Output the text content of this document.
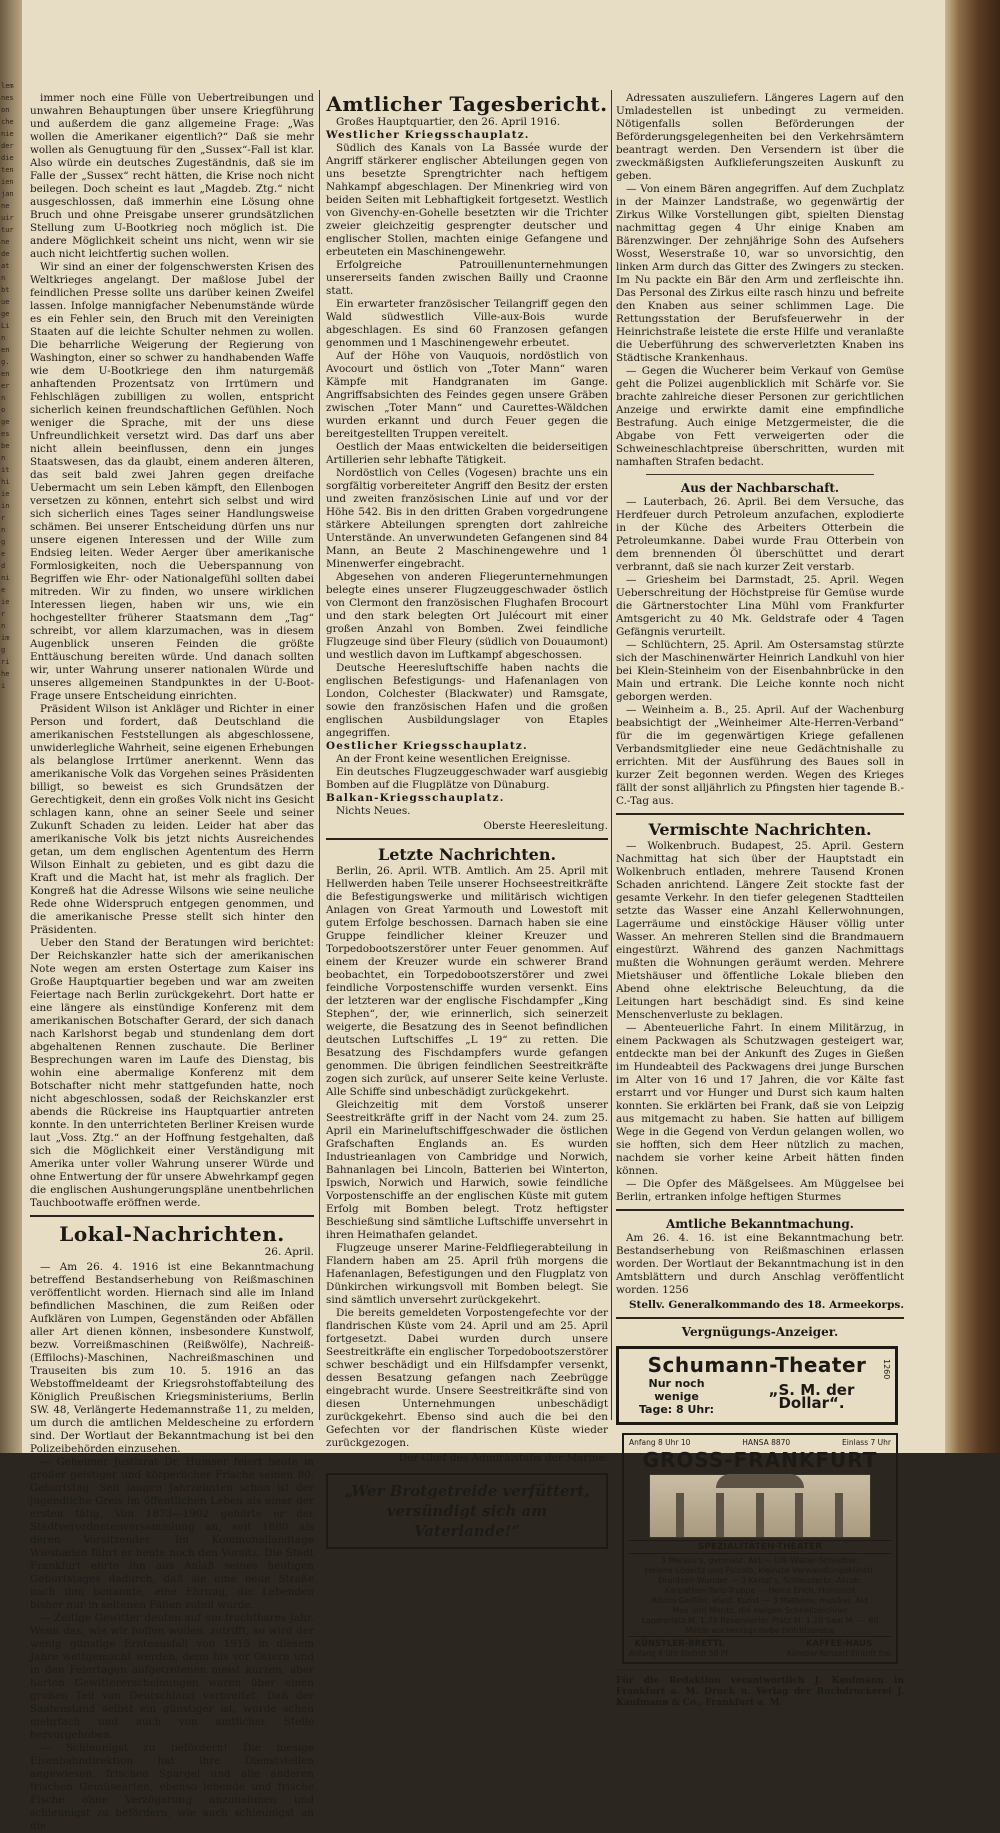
lem
nes
on
che
nie
der
die
ten
ien
jan
ne
uir
tur
ne
de
at
n
bt
ue
ge
Li
n
en
g.
en
er
n
o
ge
es
be
n
it
hi
ie
in
r
n
g
e
d
ni
e
ie
r
n
im
g
ri
he
i

immer noch eine Fülle von Uebertreibungen und unwahren Behauptungen über unsere Kriegführung und außerdem die ganz allgemeine Frage: „Was wollen die Amerikaner eigentlich?“ Daß sie mehr wollen als Genugtuung für den „Sussex“-Fall ist klar. Also würde ein deutsches Zugeständnis, daß sie im Falle der „Sussex“ recht hätten, die Krise noch nicht beilegen. Doch scheint es laut „Magdeb. Ztg.“ nicht ausgeschlossen, daß immerhin eine Lösung ohne Bruch und ohne Preisgabe unserer grundsätzlichen Stellung zum U-Bootkrieg noch möglich ist. Die andere Möglichkeit scheint uns nicht, wenn wir sie auch nicht leichtfertig suchen wollen.

Wir sind an einer der folgenschwersten Krisen des Weltkrieges angelangt. Der maßlose Jubel der feindlichen Presse sollte uns darüber keinen Zweifel lassen. Infolge mannigfacher Nebenumstände würde es ein Fehler sein, den Bruch mit den Vereinigten Staaten auf die leichte Schulter nehmen zu wollen. Die beharrliche Weigerung der Regierung von Washington, einer so schwer zu handhabenden Waffe wie dem U-Bootkriege den ihm naturgemäß anhaftenden Prozentsatz von Irrtümern und Fehlschlägen zubilligen zu wollen, entspricht sicherlich keinen freundschaftlichen Gefühlen. Noch weniger die Sprache, mit der uns diese Unfreundlichkeit versetzt wird. Das darf uns aber nicht allein beeinflussen, denn ein junges Staatswesen, das da glaubt, einem anderen älteren, das seit bald zwei Jahren gegen dreifache Uebermacht um sein Leben kämpft, den Ellenbogen versetzen zu können, entehrt sich selbst und wird sich sicherlich eines Tages seiner Handlungsweise schämen. Bei unserer Entscheidung dürfen uns nur unsere eigenen Interessen und der Wille zum Endsieg leiten. Weder Aerger über amerikanische Formlosigkeiten, noch die Ueberspannung von Begriffen wie Ehr- oder Nationalgefühl sollten dabei mitreden. Wir zu finden, wo unsere wirklichen Interessen liegen, haben wir uns, wie ein hochgestellter früherer Staatsmann dem „Tag“ schreibt, vor allem klarzumachen, was in diesem Augenblick unseren Feinden die größte Enttäuschung bereiten würde. Und danach sollten wir, unter Wahrung unserer nationalen Würde und unseres allgemeinen Standpunktes in der U-Boot-Frage unsere Entscheidung einrichten.

Präsident Wilson ist Ankläger und Richter in einer Person und fordert, daß Deutschland die amerikanischen Feststellungen als abgeschlossene, unwiderlegliche Wahrheit, seine eigenen Erhebungen als belanglose Irrtümer anerkennt. Wenn das amerikanische Volk das Vorgehen seines Präsidenten billigt, so beweist es sich Grundsätzen der Gerechtigkeit, denn ein großes Volk nicht ins Gesicht schlagen kann, ohne an seiner Seele und seiner Zukunft Schaden zu leiden. Leider hat aber das amerikanische Volk bis jetzt nichts Ausreichendes getan, um dem englischen Agententum des Herrn Wilson Einhalt zu gebieten, und es gibt dazu die Kraft und die Macht hat, ist mehr als fraglich. Der Kongreß hat die Adresse Wilsons wie seine neuliche Rede ohne Widerspruch entgegen genommen, und die amerikanische Presse stellt sich hinter den Präsidenten.

Ueber den Stand der Beratungen wird berichtet: Der Reichskanzler hatte sich der amerikanischen Note wegen am ersten Ostertage zum Kaiser ins Große Hauptquartier begeben und war am zweiten Feiertage nach Berlin zurückgekehrt. Dort hatte er eine längere als einstündige Konferenz mit dem amerikanischen Botschafter Gerard, der sich danach nach Karlshorst begab und stundenlang dem dort abgehaltenen Rennen zuschaute. Die Berliner Besprechungen waren im Laufe des Dienstag, bis wohin eine abermalige Konferenz mit dem Botschafter nicht mehr stattgefunden hatte, noch nicht abgeschlossen, sodaß der Reichskanzler erst abends die Rückreise ins Hauptquartier antreten konnte. In den unterrichteten Berliner Kreisen wurde laut „Voss. Ztg.“ an der Hoffnung festgehalten, daß sich die Möglichkeit einer Verständigung mit Amerika unter voller Wahrung unserer Würde und ohne Entwertung der für unsere Abwehrkampf gegen die englischen Aushungerungspläne unentbehrlichen Tauchbootwaffe eröffnen werde.

Lokal-Nachrichten.
26. April.

— Am 26. 4. 1916 ist eine Bekanntmachung betreffend Bestandserhebung von Reißmaschinen veröffentlicht worden. Hiernach sind alle im Inland befindlichen Maschinen, die zum Reißen oder Aufklären von Lumpen, Gegenständen oder Abfällen aller Art dienen können, insbesondere Kunstwolf, bezw. Vorreißmaschinen (Reißwölfe), Nachreiß-(Effilochs)-Maschinen, Nachreißmaschinen und Trauseiten bis zum 10. 5. 1916 an das Webstoffmeldeamt der Kriegsrohstoffabteilung des Königlich Preußischen Kriegsministeriums, Berlin SW. 48, Verlängerte Hedemannstraße 11, zu melden, um durch die amtlichen Meldescheine zu erfordern sind. Der Wortlaut der Bekanntmachung ist bei den Polizeibehörden einzusehen.

— Geheimer Justizrat Dr. Humser feiert heute in großer geistiger und körperlicher Frische seinen 80. Geburtstag. Seit langen Jahrzehnten schon ist der jugendliche Greis im öffentlichen Leben als einer der ersten tätig. Von 1873—1902 gehörte er der Stadtverordnetenversammlung an, seit 1880 als deren Vorsitzender. Im Kommunallandtage Wiesbaden führt er heute noch den Vorsitz. Die Stadt Frankfurt ehrte ihn aus Anlaß seines heutigen Geburtstages dadurch, daß sie eine neue Straße nach ihm benannte, eine Ehrung, die Lebenden bisher nur in seltenen Fällen zuteil wurde.

— Zeitige Gewitter deuten auf ein fruchtbares Jahr. Wenn das, wie wir hoffen wollen, zutrifft, so wird der wenig günstige Ernteausfall von 1915 in diesem Jahre wettgemacht werden, denn bis vor Ostern und in den Feiertagen aufgetretenen meist kurzen, aber harten Gewittererscheinungen waren über einen großen Teil von Deutschland verbreitet. Daß der Saatenstand selbst ein günstiger ist, wurde schon mehrfach und auch von amtlicher Stelle hervorgehoben.

— Schleunigst zu befördern! Die hiesige Eisenbahndirektion hat ihre Dienststellen angewiesen, frischen Spargel und alle anderen frischen Gemüsearten, ebenso lebende und frische Fische ohne Verzögerung anzunehmen und schleunigst zu befördern, wie auch schleunigst an die

Amtlicher Tagesbericht.

Großes Hauptquartier, den 26. April 1916.

Westlicher Kriegsschauplatz.

Südlich des Kanals von La Bassée wurde der Angriff stärkerer englischer Abteilungen gegen von uns besetzte Sprengtrichter nach heftigem Nahkampf abgeschlagen. Der Minenkrieg wird von beiden Seiten mit Lebhaftigkeit fortgesetzt. Westlich von Givenchy-en-Gohelle besetzten wir die Trichter zweier gleichzeitig gesprengter deutscher und englischer Stollen, machten einige Gefangene und erbeuteten ein Maschinengewehr.

Erfolgreiche Patrouillenunternehmungen unsererseits fanden zwischen Bailly und Craonne statt.

Ein erwarteter französischer Teilangriff gegen den Wald südwestlich Ville-aux-Bois wurde abgeschlagen. Es sind 60 Franzosen gefangen genommen und 1 Maschinengewehr erbeutet.

Auf der Höhe von Vauquois, nordöstlich von Avocourt und östlich von „Toter Mann“ waren Kämpfe mit Handgranaten im Gange. Angriffsabsichten des Feindes gegen unsere Gräben zwischen „Toter Mann“ und Caurettes-Wäldchen wurden erkannt und durch Feuer gegen die bereitgestellten Truppen vereitelt.

Oestlich der Maas entwickelten die beiderseitigen Artillerien sehr lebhafte Tätigkeit.

Nordöstlich von Celles (Vogesen) brachte uns ein sorgfältig vorbereiteter Angriff den Besitz der ersten und zweiten französischen Linie auf und vor der Höhe 542. Bis in den dritten Graben vorgedrungene stärkere Abteilungen sprengten dort zahlreiche Unterstände. An unverwundeten Gefangenen sind 84 Mann, an Beute 2 Maschinengewehre und 1 Minenwerfer eingebracht.

Abgesehen von anderen Fliegerunternehmungen belegte eines unserer Flugzeuggeschwader östlich von Clermont den französischen Flughafen Brocourt und den stark belegten Ort Julécourt mit einer großen Anzahl von Bomben. Zwei feindliche Flugzeuge sind über Fleury (südlich von Douaumont) und westlich davon im Luftkampf abgeschossen.

Deutsche Heeresluftschiffe haben nachts die englischen Befestigungs- und Hafenanlagen von London, Colchester (Blackwater) und Ramsgate, sowie den französischen Hafen und die großen englischen Ausbildungslager von Etaples angegriffen.

Oestlicher Kriegsschauplatz.

An der Front keine wesentlichen Ereignisse.

Ein deutsches Flugzeuggeschwader warf ausgiebig Bomben auf die Flugplätze von Dünaburg.

Balkan-Kriegsschauplatz.

Nichts Neues.

Oberste Heeresleitung.
Letzte Nachrichten.

Berlin, 26. April. WTB. Amtlich. Am 25. April mit Hellwerden haben Teile unserer Hochseestreitkräfte die Befestigungswerke und militärisch wichtigen Anlagen von Great Yarmouth und Lowestoft mit gutem Erfolge beschossen. Darnach haben sie eine Gruppe feindlicher kleiner Kreuzer und Torpedobootszerstörer unter Feuer genommen. Auf einem der Kreuzer wurde ein schwerer Brand beobachtet, ein Torpedobootszerstörer und zwei feindliche Vorpostenschiffe wurden versenkt. Eins der letzteren war der englische Fischdampfer „King Stephen“, der, wie erinnerlich, sich seinerzeit weigerte, die Besatzung des in Seenot befindlichen deutschen Luftschiffes „L 19“ zu retten. Die Besatzung des Fischdampfers wurde gefangen genommen. Die übrigen feindlichen Seestreitkräfte zogen sich zurück, auf unserer Seite keine Verluste. Alle Schiffe sind unbeschädigt zurückgekehrt.

Gleichzeitig mit dem Vorstoß unserer Seestreitkräfte griff in der Nacht vom 24. zum 25. April ein Marineluftschiffgeschwader die östlichen Grafschaften Englands an. Es wurden Industrieanlagen von Cambridge und Norwich, Bahnanlagen bei Lincoln, Batterien bei Winterton, Ipswich, Norwich und Harwich, sowie feindliche Vorpostenschiffe an der englischen Küste mit gutem Erfolg mit Bomben belegt. Trotz heftigster Beschießung sind sämtliche Luftschiffe unversehrt in ihren Heimathafen gelandet.

Flugzeuge unserer Marine-Feldfliegerabteilung in Flandern haben am 25. April früh morgens die Hafenanlagen, Befestigungen und den Flugplatz von Dünkirchen wirkungsvoll mit Bomben belegt. Sie sind sämtlich unversehrt zurückgekehrt.

Die bereits gemeldeten Vorpostengefechte vor der flandrischen Küste vom 24. April und am 25. April fortgesetzt. Dabei wurden durch unsere Seestreitkräfte ein englischer Torpedobootszerstörer schwer beschädigt und ein Hilfsdampfer versenkt, dessen Besatzung gefangen nach Zeebrügge eingebracht wurde. Unsere Seestreitkräfte sind von diesen Unternehmungen unbeschädigt zurückgekehrt. Ebenso sind auch die bei den Gefechten vor der flandrischen Küste wieder zurückgezogen.

Der Chef des Admiralstabs der Marine.
„Wer Brotgetreide verfüttert,
versündigt sich am Vaterlande!“

Adressaten auszuliefern. Längeres Lagern auf den Umladestellen ist unbedingt zu vermeiden. Nötigenfalls sollen Beförderungen der Beförderungsgelegenheiten bei den Verkehrsämtern beantragt werden. Den Versendern ist über die zweckmäßigsten Aufklieferungszeiten Auskunft zu geben.

— Von einem Bären angegriffen. Auf dem Zuchplatz in der Mainzer Landstraße, wo gegenwärtig der Zirkus Wilke Vorstellungen gibt, spielten Dienstag nachmittag gegen 4 Uhr einige Knaben am Bärenzwinger. Der zehnjährige Sohn des Aufsehers Wosst, Weserstraße 10, war so unvorsichtig, den linken Arm durch das Gitter des Zwingers zu stecken. Im Nu packte ein Bär den Arm und zerfleischte ihn. Das Personal des Zirkus eilte rasch hinzu und befreite den Knaben aus seiner schlimmen Lage. Die Rettungsstation der Berufsfeuerwehr in der Heinrichstraße leistete die erste Hilfe und veranlaßte die Ueberführung des schwerverletzten Knaben ins Städtische Krankenhaus.

— Gegen die Wucherer beim Verkauf von Gemüse geht die Polizei augenblicklich mit Schärfe vor. Sie brachte zahlreiche dieser Personen zur gerichtlichen Anzeige und erwirkte damit eine empfindliche Bestrafung. Auch einige Metzgermeister, die die Abgabe von Fett verweigerten oder die Schweineschlachtpreise überschritten, wurden mit namhaften Strafen bedacht.

Aus der Nachbarschaft.

— Lauterbach, 26. April. Bei dem Versuche, das Herdfeuer durch Petroleum anzufachen, explodierte in der Küche des Arbeiters Otterbein die Petroleumkanne. Dabei wurde Frau Otterbein von dem brennenden Öl überschüttet und derart verbrannt, daß sie nach kurzer Zeit verstarb.

— Griesheim bei Darmstadt, 25. April. Wegen Ueberschreitung der Höchstpreise für Gemüse wurde die Gärtnerstochter Lina Mühl vom Frankfurter Amtsgericht zu 40 Mk. Geldstrafe oder 4 Tagen Gefängnis verurteilt.

— Schlüchtern, 25. April. Am Ostersamstag stürzte sich der Maschinenwärter Heinrich Landkuhl von hier bei Klein-Steinheim von der Eisenbahnbrücke in den Main und ertrank. Die Leiche konnte noch nicht geborgen werden.

— Weinheim a. B., 25. April. Auf der Wachenburg beabsichtigt der „Weinheimer Alte-Herren-Verband“ für die im gegenwärtigen Kriege gefallenen Verbandsmitglieder eine neue Gedächtnishalle zu errichten. Mit der Ausführung des Baues soll in kurzer Zeit begonnen werden. Wegen des Krieges fällt der sonst alljährlich zu Pfingsten hier tagende B.-C.-Tag aus.

Vermischte Nachrichten.

— Wolkenbruch. Budapest, 25. April. Gestern Nachmittag hat sich über der Hauptstadt ein Wolkenbruch entladen, mehrere Tausend Kronen Schaden anrichtend. Längere Zeit stockte fast der gesamte Verkehr. In den tiefer gelegenen Stadtteilen setzte das Wasser eine Anzahl Kellerwohnungen, Lagerräume und einstöckige Häuser völlig unter Wasser. An mehreren Stellen sind die Brandmauern eingestürzt. Während des ganzen Nachmittags mußten die Wohnungen geräumt werden. Mehrere Mietshäuser und öffentliche Lokale blieben den Abend ohne elektrische Beleuchtung, da die Leitungen hart beschädigt sind. Es sind keine Menschenverluste zu beklagen.

— Abenteuerliche Fahrt. In einem Militärzug, in einem Packwagen als Schutzwagen gesteigert war, entdeckte man bei der Ankunft des Zuges in Gießen im Hundeabteil des Packwagens drei junge Burschen im Alter von 16 und 17 Jahren, die vor Kälte fast erstarrt und vor Hunger und Durst sich kaum halten konnten. Sie erklärten bei Frank, daß sie von Leipzig aus mitgemacht zu haben. Sie hatten auf billigem Wege in die Gegend von Verdun gelangen wollen, wo sie hofften, sich dem Heer nützlich zu machen, nachdem sie vorher keine Arbeit hätten finden können.

— Die Opfer des Mäßgelsees. Am Müggelsee bei Berlin, ertranken infolge heftigen Sturmes

Amtliche Bekanntmachung.

Am 26. 4. 16. ist eine Bekanntmachung betr. Bestandserhebung von Reißmaschinen erlassen worden. Der Wortlaut der Bekanntmachung ist in den Amtsblättern und durch Anschlag veröffentlicht worden. 1256

Stellv. Generalkommando des 18. Armeekorps.
Vergnügungs-Anzeiger.
Schumann-Theater
Nur noch wenige
Tage: 8 Uhr:
„S. M. der Dollar“.
1260
Anfang 8 Uhr 10	HANSA 8870	Einlass 7 Uhr
GROSS-FRANKFURT
SPEZIALITÄTEN-THEATER
3 Mersus's, gymnast. Akt — Lilli Walter-Schreiber,
Helene Lödertz und Piccolo, kleinste Verwandlungskünstl.
Drahtseil-Wunder — 3 Kerlot's, Schleuderbr.-Akrob.
Karpathen-Tanz-Truppe — Heinz Erich, Humorist
Alfons Geißler, elast. Kunst — 3 Matheos, musikal. Akt
Mex und Moritz, die ewigen Schnellzeichner
Logenplatz M. 1.75 Reservierter Platz M. 1.20 Saal M. —.60
Militär wochentags halbe Eintrittspreise
KÜNSTLER-BRETTL
Anfang 8 Uhr Eintritt 50 Pf.
KAFFEE-HAUS
Künstler-Konzert Eintritt frei
Für die Redaktion verantwortlich J. Kaufmann in Frankfurt a. M. Druck u. Verlag der Buchdruckerei J. Kaufmann & Co., Frankfurt a. M.
